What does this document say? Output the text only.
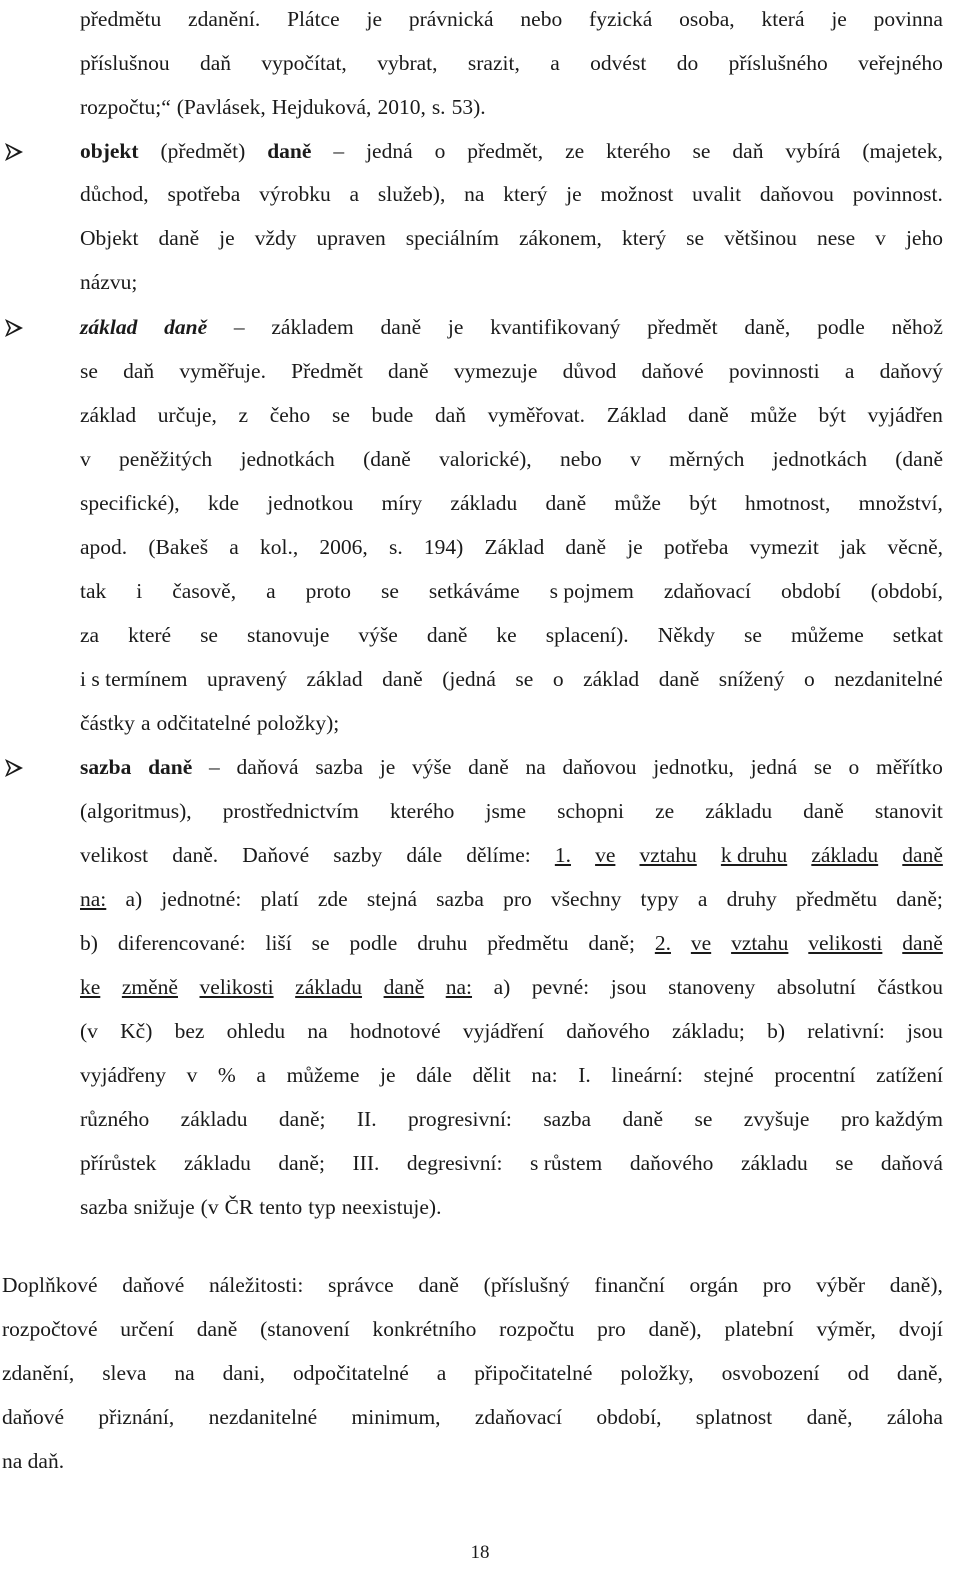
předmětu zdanění. Plátce je právnická nebo fyzická osoba, která je povinna
příslušnou daň vypočítat, vybrat, srazit, a odvést do příslušného veřejného
rozpočtu;“ (Pavlásek, Hejduková, 2010, s. 53).
objekt (předmět) daně – jedná o předmět, ze kterého se daň vybírá (majetek,
důchod, spotřeba výrobku a služeb), na který je možnost uvalit daňovou povinnost.
Objekt daně je vždy upraven speciálním zákonem, který se většinou nese v jeho
názvu;
základ daně – základem daně je kvantifikovaný předmět daně, podle něhož
se daň vyměřuje. Předmět daně vymezuje důvod daňové povinnosti a daňový
základ určuje, z čeho se bude daň vyměřovat. Základ daně může být vyjádřen
v peněžitých jednotkách (daně valorické), nebo v měrných jednotkách (daně
specifické), kde jednotkou míry základu daně může být hmotnost, množství,
apod. (Bakeš a kol., 2006, s. 194) Základ daně je potřeba vymezit jak věcně,
tak i časově, a proto se setkáváme s pojmem zdaňovací období (období,
za které se stanovuje výše daně ke splacení). Někdy se můžeme setkat
i s termínem upravený základ daně (jedná se o základ daně snížený o nezdanitelné
částky a odčitatelné položky);
sazba daně – daňová sazba je výše daně na daňovou jednotku, jedná se o měřítko
(algoritmus), prostřednictvím kterého jsme schopni ze základu daně stanovit
velikost daně. Daňové sazby dále dělíme: 1. ve vztahu k druhu základu daně
na: a) jednotné: platí zde stejná sazba pro všechny typy a druhy předmětu daně;
b) diferencované: liší se podle druhu předmětu daně; 2. ve vztahu velikosti daně
ke změně velikosti základu daně na: a) pevné: jsou stanoveny absolutní částkou
(v Kč) bez ohledu na hodnotové vyjádření daňového základu; b) relativní: jsou
vyjádřeny v % a můžeme je dále dělit na: I. lineární: stejné procentní zatížení
různého základu daně; II. progresivní: sazba daně se zvyšuje pro každým
přírůstek základu daně; III. degresivní: s růstem daňového základu se daňová
sazba snižuje (v ČR tento typ neexistuje).
Doplňkové daňové náležitosti: správce daně (příslušný finanční orgán pro výběr daně),
rozpočtové určení daně (stanovení konkrétního rozpočtu pro daně), platební výměr, dvojí
zdanění, sleva na dani, odpočitatelné a připočitatelné položky, osvobození od daně,
daňové přiznání, nezdanitelné minimum, zdaňovací období, splatnost daně, záloha
na daň.
18
